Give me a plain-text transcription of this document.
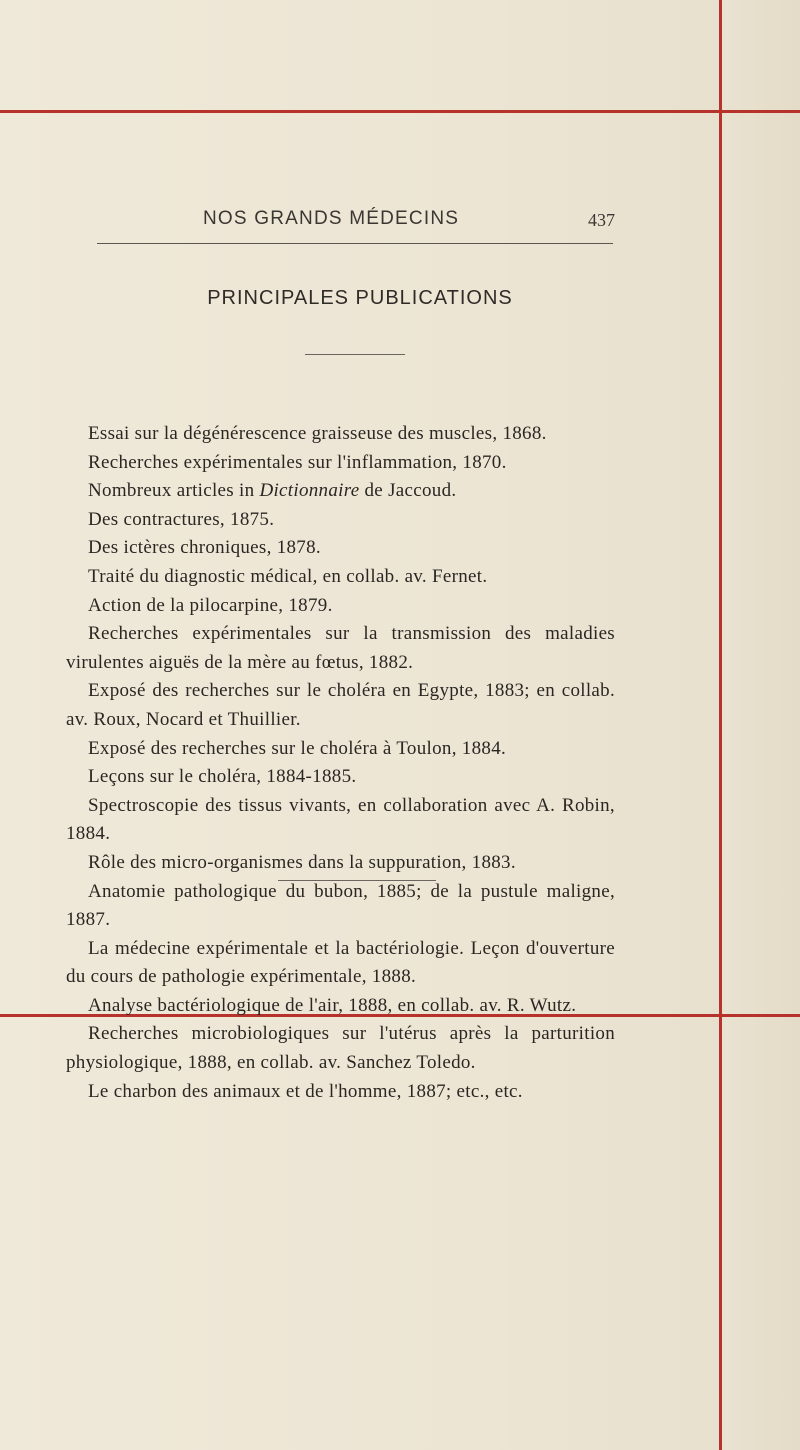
NOS GRANDS MÉDECINS	437
PRINCIPALES PUBLICATIONS
Essai sur la dégénérescence graisseuse des muscles, 1868.
Recherches expérimentales sur l'inflammation, 1870.
Nombreux articles in Dictionnaire de Jaccoud.
Des contractures, 1875.
Des ictères chroniques, 1878.
Traité du diagnostic médical, en collab. av. Fernet.
Action de la pilocarpine, 1879.
Recherches expérimentales sur la transmission des maladies virulentes aiguës de la mère au fœtus, 1882.
Exposé des recherches sur le choléra en Egypte, 1883; en collab. av. Roux, Nocard et Thuillier.
Exposé des recherches sur le choléra à Toulon, 1884.
Leçons sur le choléra, 1884-1885.
Spectroscopie des tissus vivants, en collaboration avec A. Robin, 1884.
Rôle des micro-organismes dans la suppuration, 1883.
Anatomie pathologique du bubon, 1885; de la pustule maligne, 1887.
La médecine expérimentale et la bactériologie. Leçon d'ouverture du cours de pathologie expérimentale, 1888.
Analyse bactériologique de l'air, 1888, en collab. av. R. Wutz.
Recherches microbiologiques sur l'utérus après la parturition physiologique, 1888, en collab. av. Sanchez Toledo.
Le charbon des animaux et de l'homme, 1887; etc., etc.
